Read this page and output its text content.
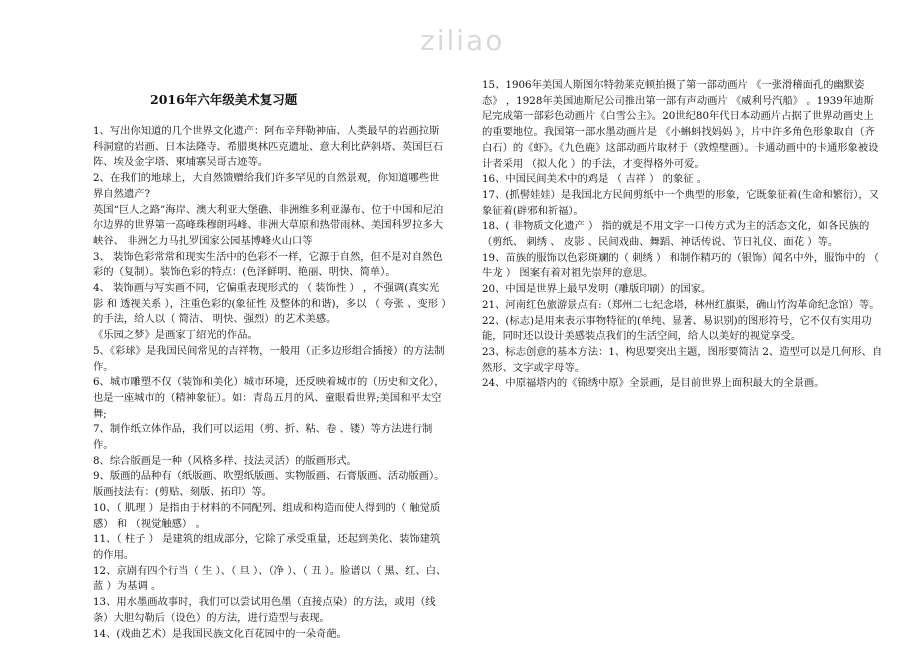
ziliao
2016年六年级美术复习题

1、写出你知道的几个世界文化遗产：阿布辛拜勒神庙、人类最早的岩画拉斯科洞窟的岩画、日本法隆寺、希腊奥林匹克遗址、意大利比萨斜塔、英国巨石阵、埃及金字塔、柬埔寨吴哥古迹等。

2、在我们的地球上，大自然馈赠给我们许多罕见的自然景观，你知道哪些世界自然遗产?

英国“巨人之路”海岸、澳大利亚大堡礁、非洲维多利亚瀑布、位于中国和尼泊尔边界的世界第一高峰珠穆朗玛峰、非洲大草原和热带雨林、美国科罗拉多大峡谷、 非洲乞力马扎罗国家公园基博峰火山口等

3、 装饰色彩常常和现实生活中的色彩不一样，它源于自然，但不是对自然色彩的（复制）。装饰色彩的特点：(色泽鲜明、艳丽、明快、简单）。

4、 装饰画与写实画不同，它偏重表现形式的 （ 装饰性 ） ，不强调(真实光影 和 透视关系 ），注重色彩的(象征性 及整体的和谐)，多以 （ 夸张 、变形 ）的手法，给人以（ 简洁、 明快、强烈）的艺术美感。

《乐园之梦》是画家丁绍光的作品。

5、《彩球》是我国民间常见的吉祥物，一般用（正多边形组合插接）的方法制作。

6、城市雕塑不仅（装饰和美化）城市环境，还反映着城市的（历史和文化），也是一座城市的（精神象征）。如：青岛五月的风、童眼看世界;美国和平太空舞;

7、制作纸立体作品，我们可以运用（剪、折、粘、卷 、镂）等方法进行制作。

8、综合版画是一种（风格多样、技法灵活）的版画形式。

9、版画的品种有（纸版画、吹塑纸版画、实物版画、石膏版画、活动版画）。版画技法有：(剪贴、刻版、拓印）等。

10、（ 肌理 ）是指由于材料的不同配列、组成和构造而使人得到的（ 触觉质感） 和 （视觉触感） 。

11、（ 柱子 ） 是建筑的组成部分，它除了承受重量，还起到美化、装饰建筑的作用。

12、京剧有四个行当（ 生 ）、（ 旦 ）、（净 ）、（ 丑 ）。脸谱以（ 黑、红、白、蓝 ）为基调 。

13、用水墨画故事时，我们可以尝试用色墨（直接点染）的方法，或用（线条）大胆勾勒后（设色）的方法，进行造型与表现。

14、(戏曲艺术）是我国民族文化百花园中的一朵奇葩。

15、1906年美国人斯图尔特勃莱克顿拍摄了第一部动画片 《一张滑稽面孔的幽默姿态》 ，1928年美国迪斯尼公司推出第一部有声动画片 《威利号汽船》 。1939年迪斯尼完成第一部彩色动画片《白雪公主》。20世纪80年代日本动画片占据了世界动画史上的重要地位。我国第一部水墨动画片是 《小蝌蚪找妈妈 》，片中许多角色形象取自（齐白石）的《虾》。《九色鹿》这部动画片取材于（敦煌壁画）。卡通动画中的卡通形象被设计者采用 （拟人化 ）的手法，才变得格外可爱。

16、中国民间美术中的鸡是 （ 吉祥 ） 的象征 。

17、(抓髻娃娃）是我国北方民间剪纸中一个典型的形象，它既象征着(生命和繁衍），又象征着(辟邪和祈福）。

18、( 非物质文化遗产 ） 指的就是不用文字一口传方式为主的活态文化，如各民族的（剪纸、 刺绣 、 皮影 、民间戏曲、舞蹈、神话传说、节日礼仪、面花 ）等。

19、苗族的服饰以色彩斑斓的（ 刺绣 ） 和制作精巧的（银饰）闻名中外，服饰中的 （ 牛龙 ） 图案有着对祖先崇拜的意思。

20、中国是世界上最早发明（雕版印刷）的国家。

21、河南红色旅游景点有:（郑州二七纪念塔，林州红旗渠，确山竹沟革命纪念馆）等。

22、(标志)是用来表示事物特征的(单纯、显著、易识别)的图形符号，它不仅有实用功能，同时还以设计美感装点我们的生活空间，给人以美好的视觉享受。

23、标志创意的基本方法：1、构思要突出主题，图形要简洁 2、造型可以是几何形、自然形、文字或字母等。

24、中原福塔内的《锦绣中原》全景画，是目前世界上面积最大的全景画。
